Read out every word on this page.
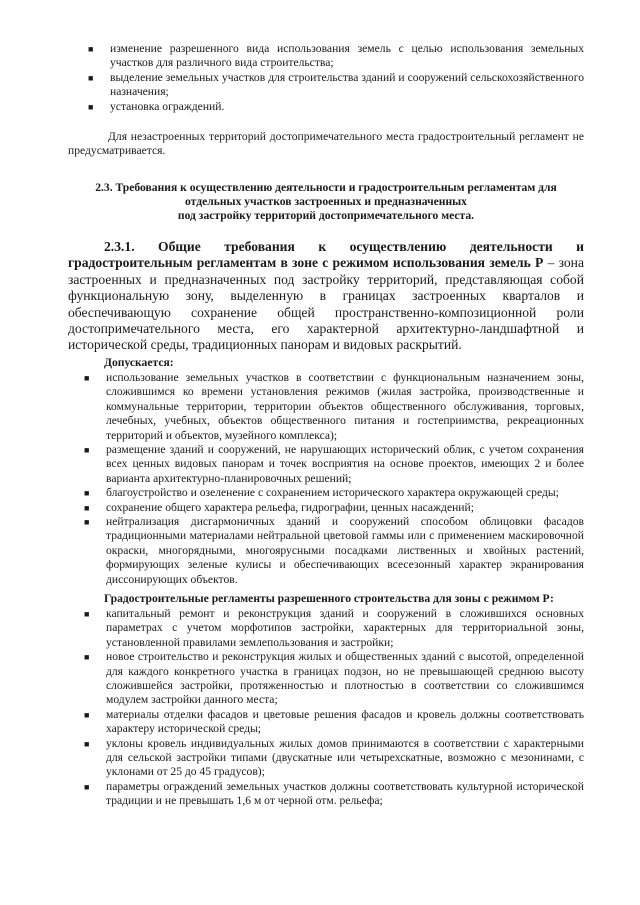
■ изменение разрешенного вида использования земель с целью использования земельных участков для различного вида строительства;
■ выделение земельных участков для строительства зданий и сооружений сельскохозяйственного назначения;
■ установка ограждений.

Для незастроенных территорий достопримечательного места градостроительный регламент не предусматривается.

2.3. Требования к осуществлению деятельности и градостроительным регламентам для
отдельных участков застроенных и предназначенных
под застройку территорий достопримечательного места.

2.3.1. Общие требования к осуществлению деятельности и градостроительным регламентам в зоне с режимом использования земель Р – зона застроенных и предназначенных под застройку территорий, представляющая собой функциональную зону, выделенную в границах застроенных кварталов и обеспечивающую сохранение общей пространственно-композиционной роли достопримечательного места, его характерной архитектурно-ландшафтной и исторической среды, традиционных панорам и видовых раскрытий.

Допускается:
■ использование земельных участков в соответствии с функциональным назначением зоны, сложившимся ко времени установления режимов (жилая застройка, производственные и коммунальные территории, территории объектов общественного обслуживания, торговых, лечебных, учебных, объектов общественного питания и гостеприимства, рекреационных территорий и объектов, музейного комплекса);
■ размещение зданий и сооружений, не нарушающих исторический облик, с учетом сохранения всех ценных видовых панорам и точек восприятия на основе проектов, имеющих 2 и более варианта архитектурно-планировочных решений;
■ благоустройство и озеленение с сохранением исторического характера окружающей среды;
■ сохранение общего характера рельефа, гидрографии, ценных насаждений;
■ нейтрализация дисгармоничных зданий и сооружений способом облицовки фасадов традиционными материалами нейтральной цветовой гаммы или с применением маскировочной окраски, многорядными, многоярусными посадками лиственных и хвойных растений, формирующих зеленые кулисы и обеспечивающих всесезонный характер экранирования диссонирующих объектов.
Градостроительные регламенты разрешенного строительства для зоны с режимом Р:
■ капитальный ремонт и реконструкция зданий и сооружений в сложившихся основных параметрах с учетом морфотипов застройки, характерных для территориальной зоны, установленной правилами землепользования и застройки;
■ новое строительство и реконструкция жилых и общественных зданий с высотой, определенной для каждого конкретного участка в границах подзон, но не превышающей среднюю высоту сложившейся застройки, протяженностью и плотностью в соответствии со сложившимся модулем застройки данного места;
■ материалы отделки фасадов и цветовые решения фасадов и кровель должны соответствовать характеру исторической среды;
■ уклоны кровель индивидуальных жилых домов принимаются в соответствии с характерными для сельской застройки типами (двускатные или четырехскатные, возможно с мезонинами, с уклонами от 25 до 45 градусов);
■ параметры ограждений земельных участков должны соответствовать культурной исторической традиции и не превышать 1,6 м от черной отм. рельефа;
